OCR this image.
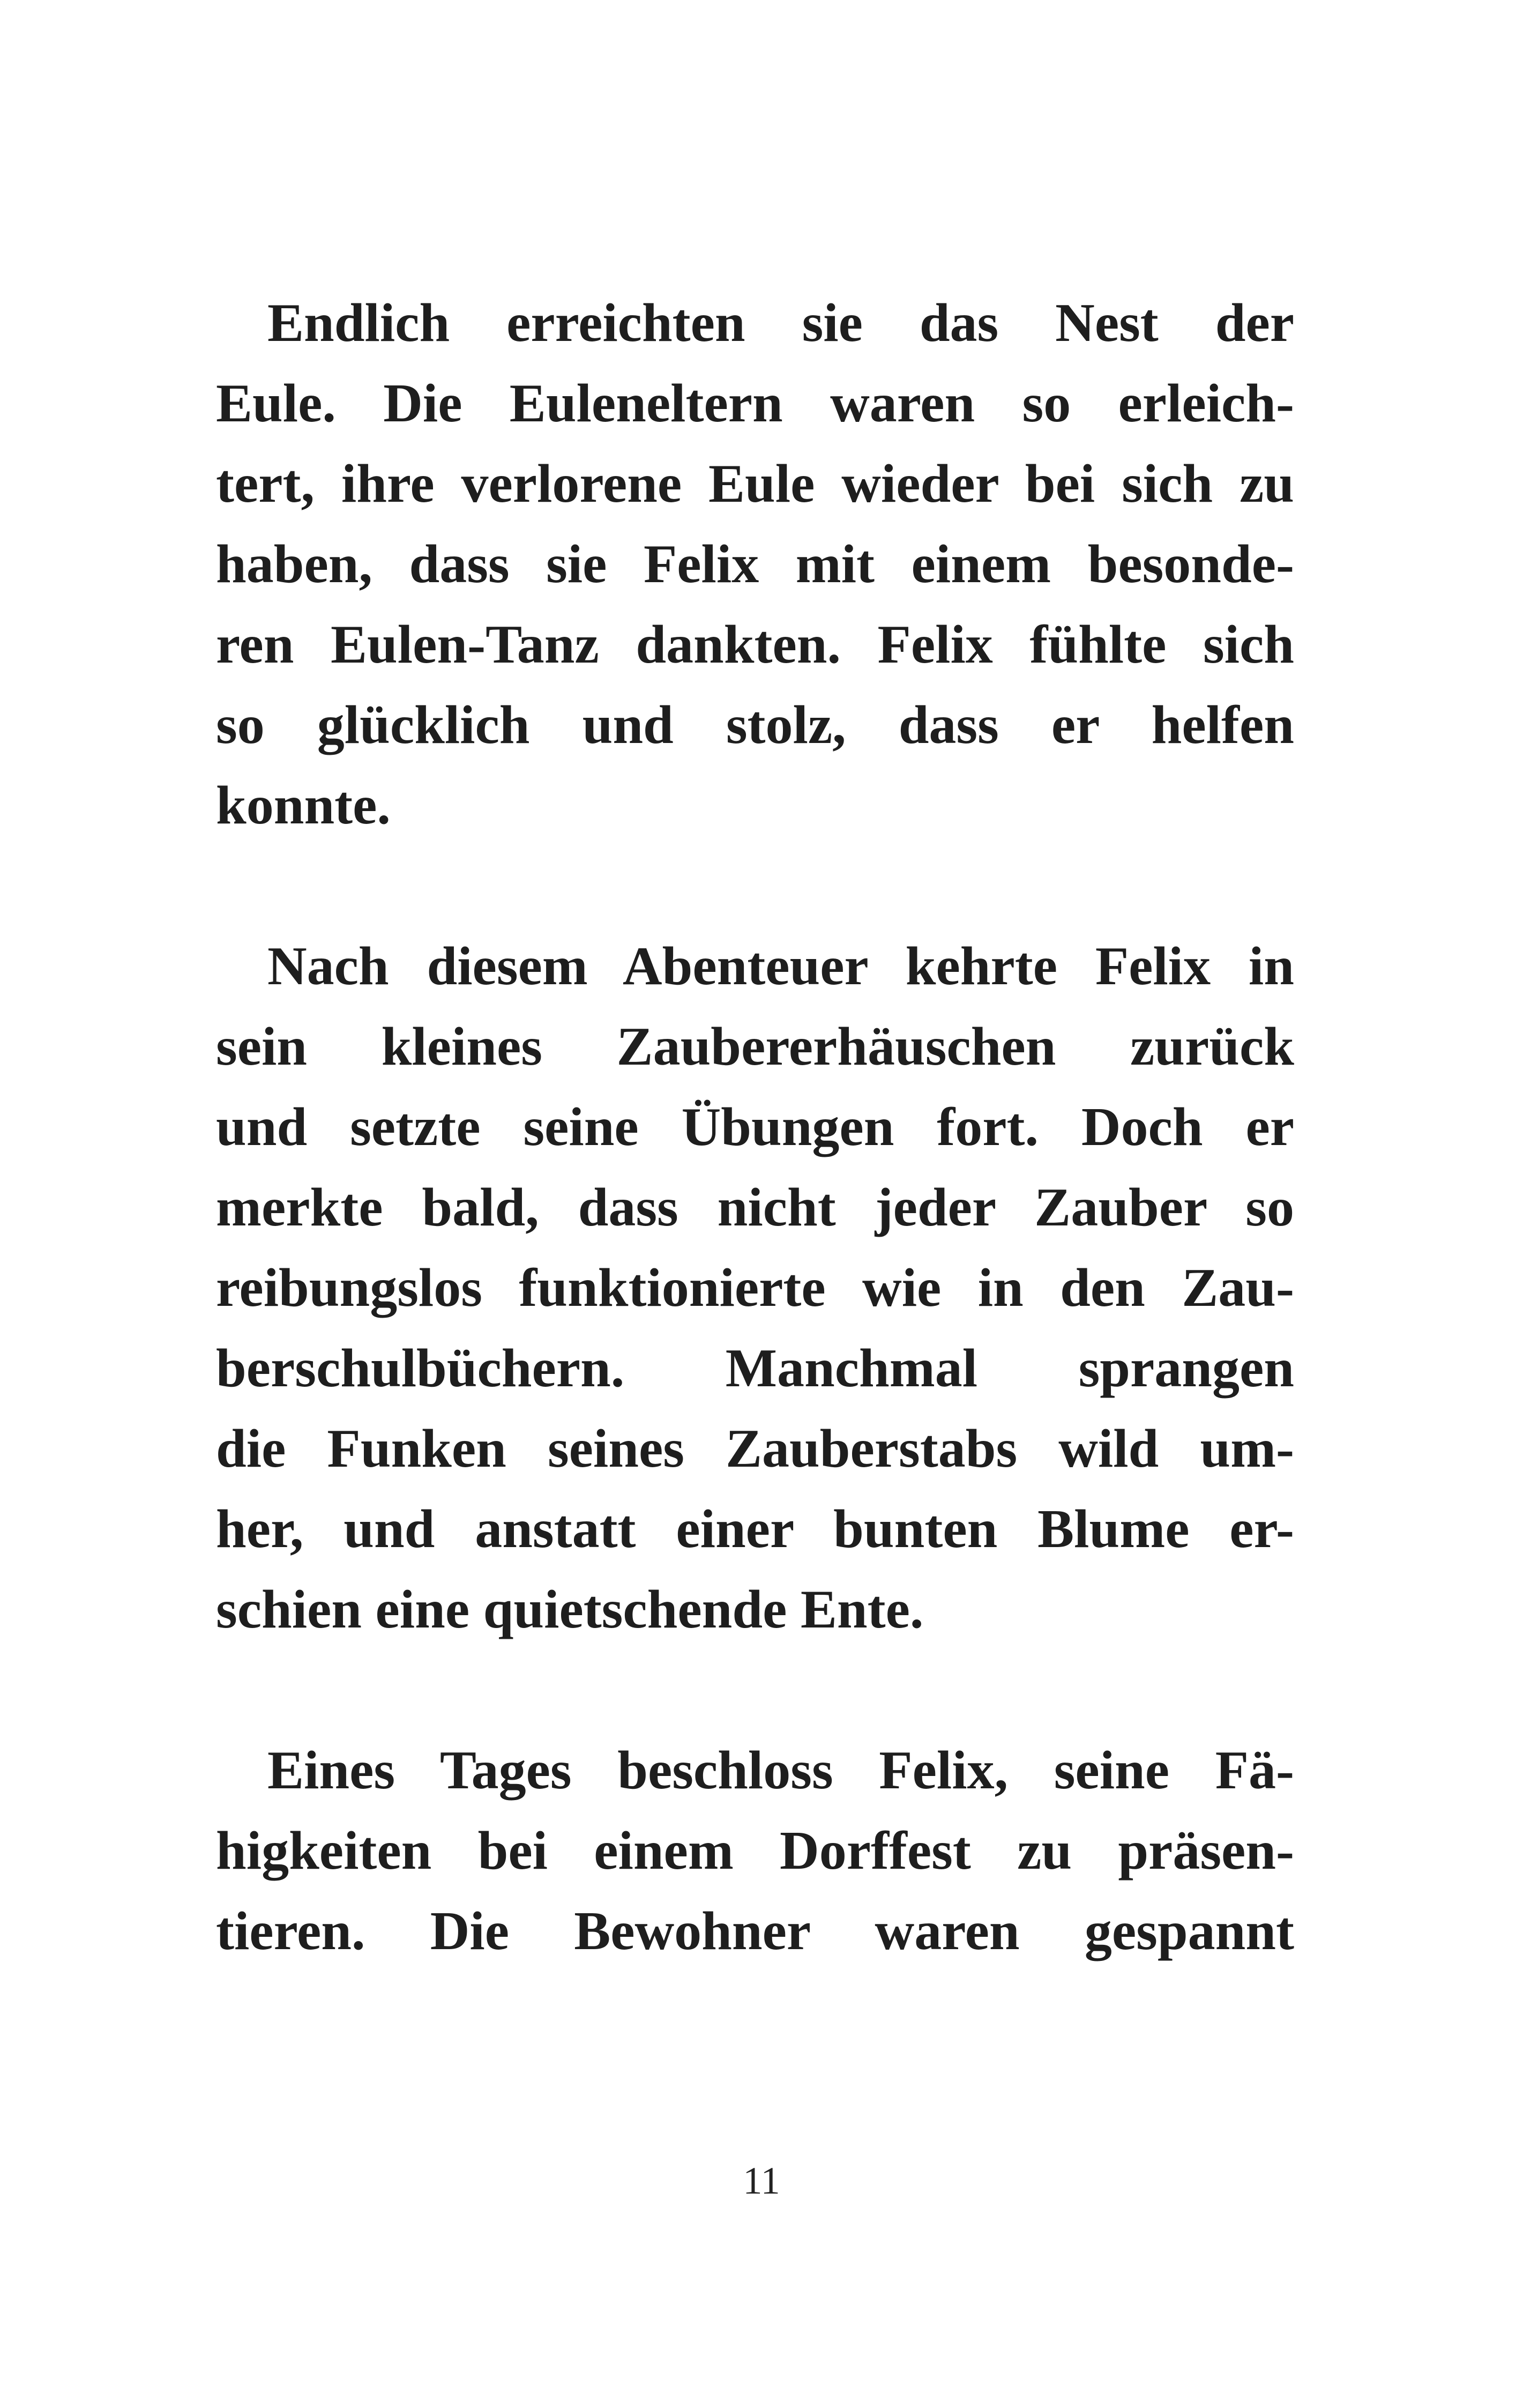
Endlich erreichten sie das Nest der
Eule. Die Euleneltern waren so erleich-
tert, ihre verlorene Eule wieder bei sich zu
haben, dass sie Felix mit einem besonde-
ren Eulen-Tanz dankten. Felix fühlte sich
so glücklich und stolz, dass er helfen
konnte.

Nach diesem Abenteuer kehrte Felix in
sein kleines Zaubererhäuschen zurück
und setzte seine Übungen fort. Doch er
merkte bald, dass nicht jeder Zauber so
reibungslos funktionierte wie in den Zau-
berschulbüchern. Manchmal sprangen
die Funken seines Zauberstabs wild um-
her, und anstatt einer bunten Blume er-
schien eine quietschende Ente.

Eines Tages beschloss Felix, seine Fä-
higkeiten bei einem Dorffest zu präsen-
tieren. Die Bewohner waren gespannt

11
